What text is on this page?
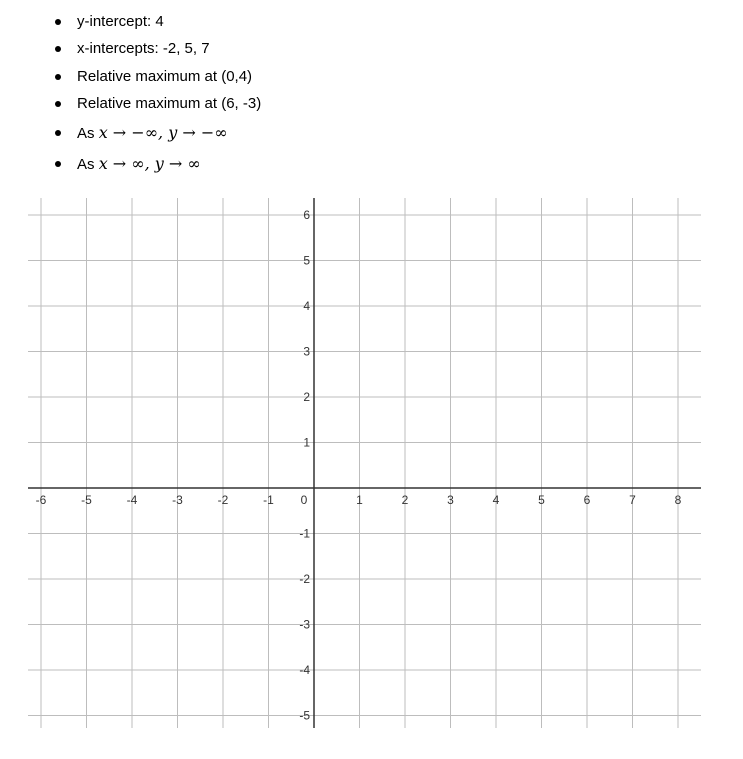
y-intercept: 4
x-intercepts: -2, 5, 7
Relative maximum at (0,4)
Relative maximum at (6, -3)
As x → −∞, y → −∞
As x → ∞, y → ∞
-6	-5	-4	-3	-2	-1 0	1	2	3	4	5	6	7	8
6
5
4
3
2
1
-1
-2
-3
-4
-5
